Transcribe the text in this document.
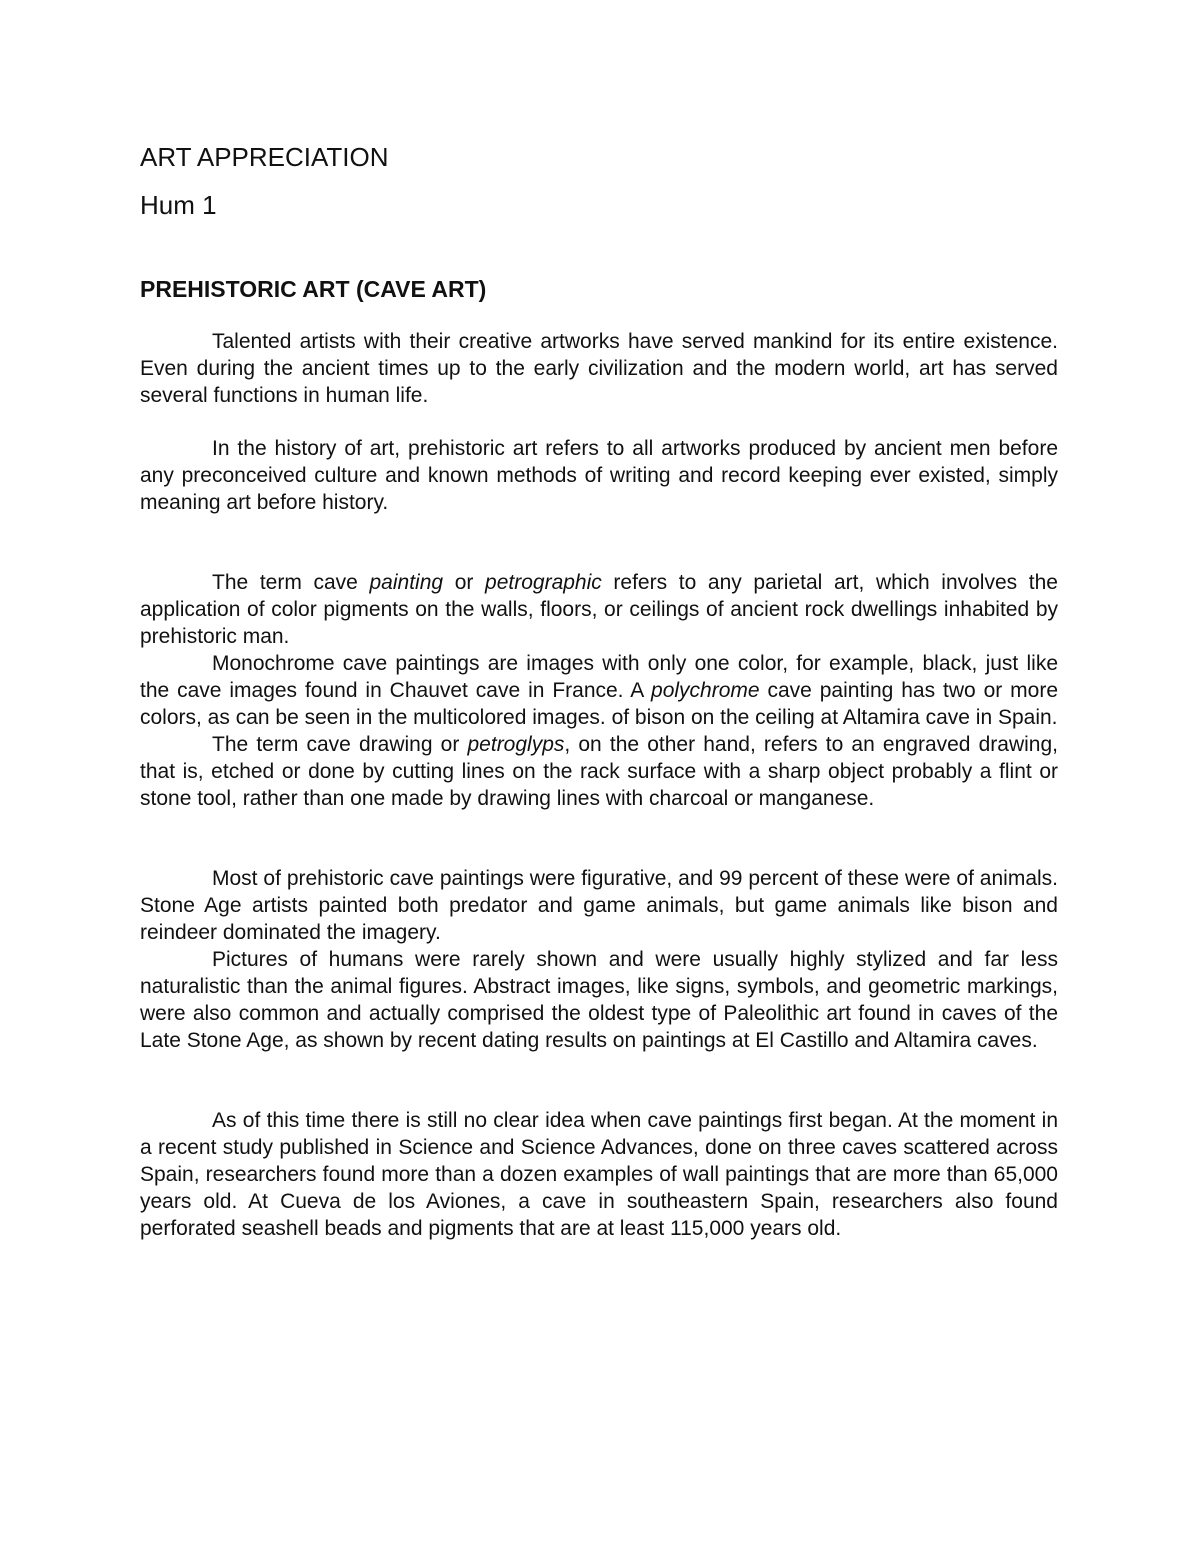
ART APPRECIATION
Hum 1
PREHISTORIC ART (CAVE ART)

Talented artists with their creative artworks have served mankind for its entire existence. Even during the ancient times up to the early civilization and the modern world, art has served several functions in human life.

In the history of art, prehistoric art refers to all artworks produced by ancient men before any preconceived culture and known methods of writing and record keeping ever existed, simply meaning art before history.

The term cave painting or petrographic refers to any parietal art, which involves the application of color pigments on the walls, floors, or ceilings of ancient rock dwellings inhabited by prehistoric man.

Monochrome cave paintings are images with only one color, for example, black, just like the cave images found in Chauvet cave in France. A polychrome cave painting has two or more colors, as can be seen in the multicolored images. of bison on the ceiling at Altamira cave in Spain.

The term cave drawing or petroglyps, on the other hand, refers to an engraved drawing, that is, etched or done by cutting lines on the rack surface with a sharp object probably a flint or stone tool, rather than one made by drawing lines with charcoal or manganese.

Most of prehistoric cave paintings were figurative, and 99 percent of these were of animals. Stone Age artists painted both predator and game animals, but game animals like bison and reindeer dominated the imagery.

Pictures of humans were rarely shown and were usually highly stylized and far less naturalistic than the animal figures. Abstract images, like signs, symbols, and geometric markings, were also common and actually comprised the oldest type of Paleolithic art found in caves of the Late Stone Age, as shown by recent dating results on paintings at El Castillo and Altamira caves.

As of this time there is still no clear idea when cave paintings first began. At the moment in a recent study published in Science and Science Advances, done on three caves scattered across Spain, researchers found more than a dozen examples of wall paintings that are more than 65,000 years old. At Cueva de los Aviones, a cave in southeastern Spain, researchers also found perforated seashell beads and pigments that are at least 115,000 years old.
